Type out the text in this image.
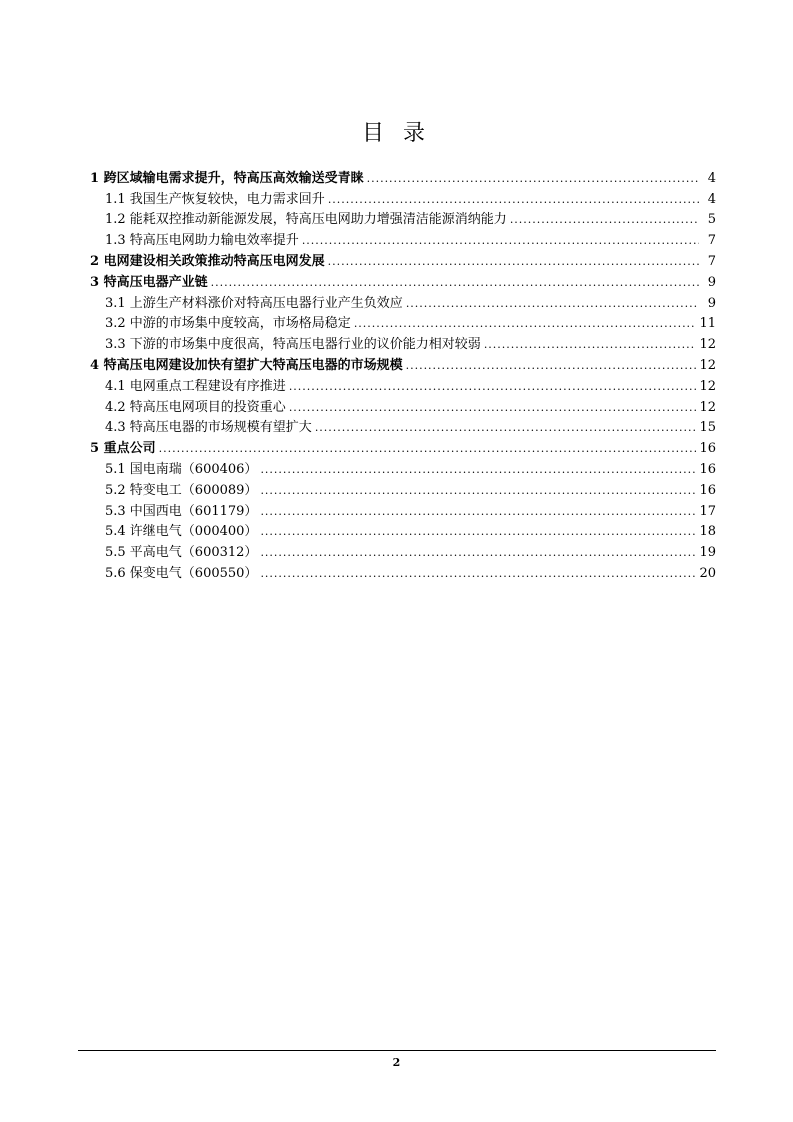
目 录
1 跨区域输电需求提升，特高压高效输送受青睐 .....	4
1.1 我国生产恢复较快，电力需求回升 .....	4
1.2 能耗双控推动新能源发展，特高压电网助力增强清洁能源消纳能力 .....	5
1.3 特高压电网助力输电效率提升 .....	7
2 电网建设相关政策推动特高压电网发展 .....	7
3 特高压电器产业链 .....	9
3.1 上游生产材料涨价对特高压电器行业产生负效应 .....	9
3.2 中游的市场集中度较高，市场格局稳定 .....	11
3.3 下游的市场集中度很高，特高压电器行业的议价能力相对较弱 .....	12
4 特高压电网建设加快有望扩大特高压电器的市场规模 .....	12
4.1 电网重点工程建设有序推进 .....	12
4.2 特高压电网项目的投资重心 .....	12
4.3 特高压电器的市场规模有望扩大 .....	15
5 重点公司 .....	16
5.1 国电南瑞（600406） .....	16
5.2 特变电工（600089） .....	16
5.3 中国西电（601179） .....	17
5.4 许继电气（000400） .....	18
5.5 平高电气（600312） .....	19
5.6 保变电气（600550） .....	20
2
